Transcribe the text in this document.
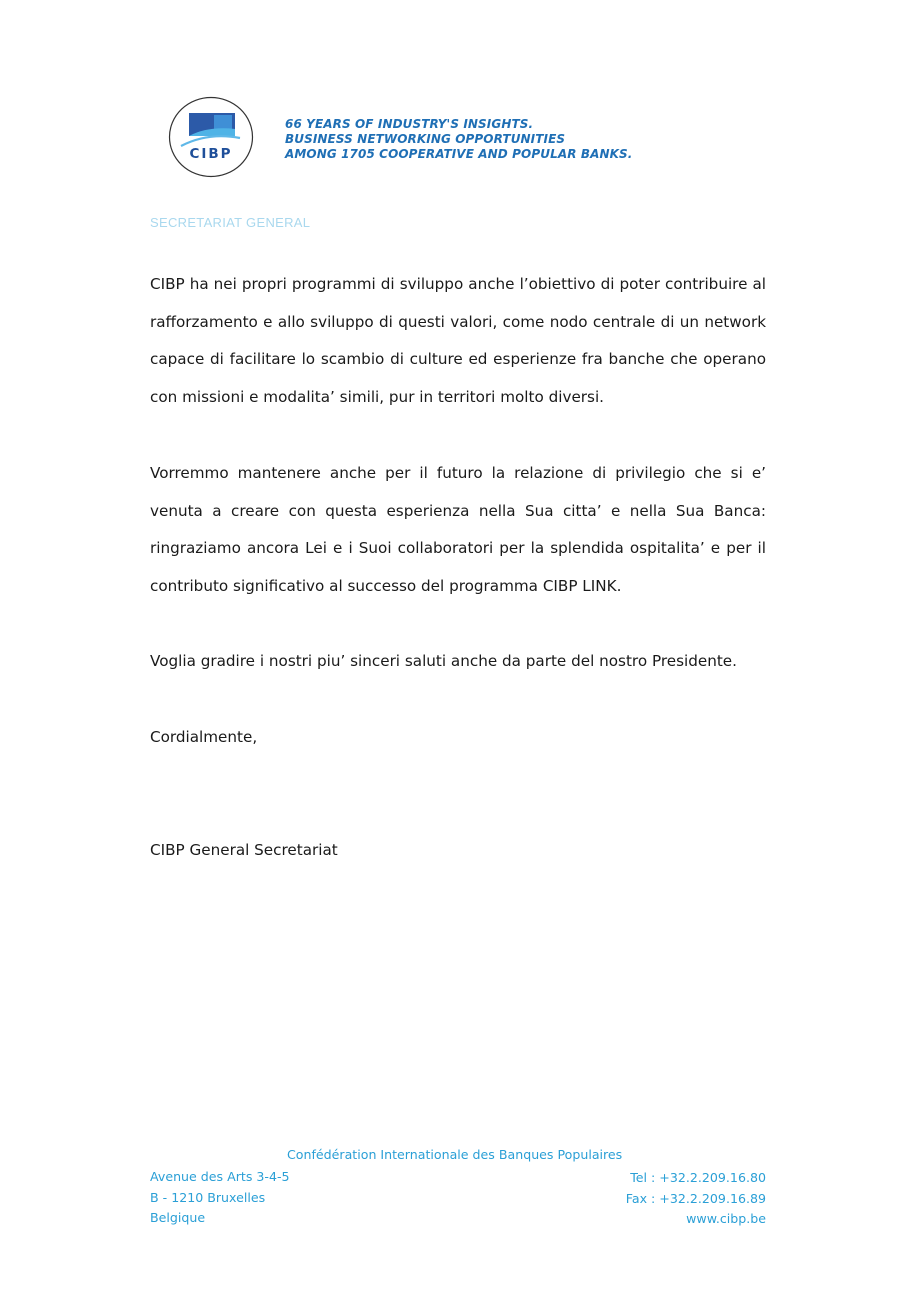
CIBP
66 YEARS OF INDUSTRY'S INSIGHTS.
BUSINESS NETWORKING OPPORTUNITIES
AMONG 1705 COOPERATIVE AND POPULAR BANKS.
SECRETARIAT GENERAL
CIBP ha nei propri programmi di sviluppo anche l’obiettivo di poter contribuire al rafforzamento e allo sviluppo di questi valori, come nodo centrale di un network capace di facilitare lo scambio di culture ed esperienze fra banche che operano con missioni e modalita’ simili, pur in territori molto diversi.
Vorremmo mantenere anche per il futuro la relazione di privilegio che si e’ venuta a creare con questa esperienza nella Sua citta’ e nella Sua Banca: ringraziamo ancora Lei e i Suoi collaboratori per la splendida ospitalita’ e per il contributo significativo al successo del programma CIBP LINK.
Voglia gradire i nostri piu’ sinceri saluti anche da parte del nostro Presidente.
Cordialmente,
CIBP General Secretariat
Confédération Internationale des Banques Populaires
Avenue des Arts 3-4-5
B - 1210 Bruxelles
Belgique
Tel : +32.2.209.16.80
Fax : +32.2.209.16.89
www.cibp.be
